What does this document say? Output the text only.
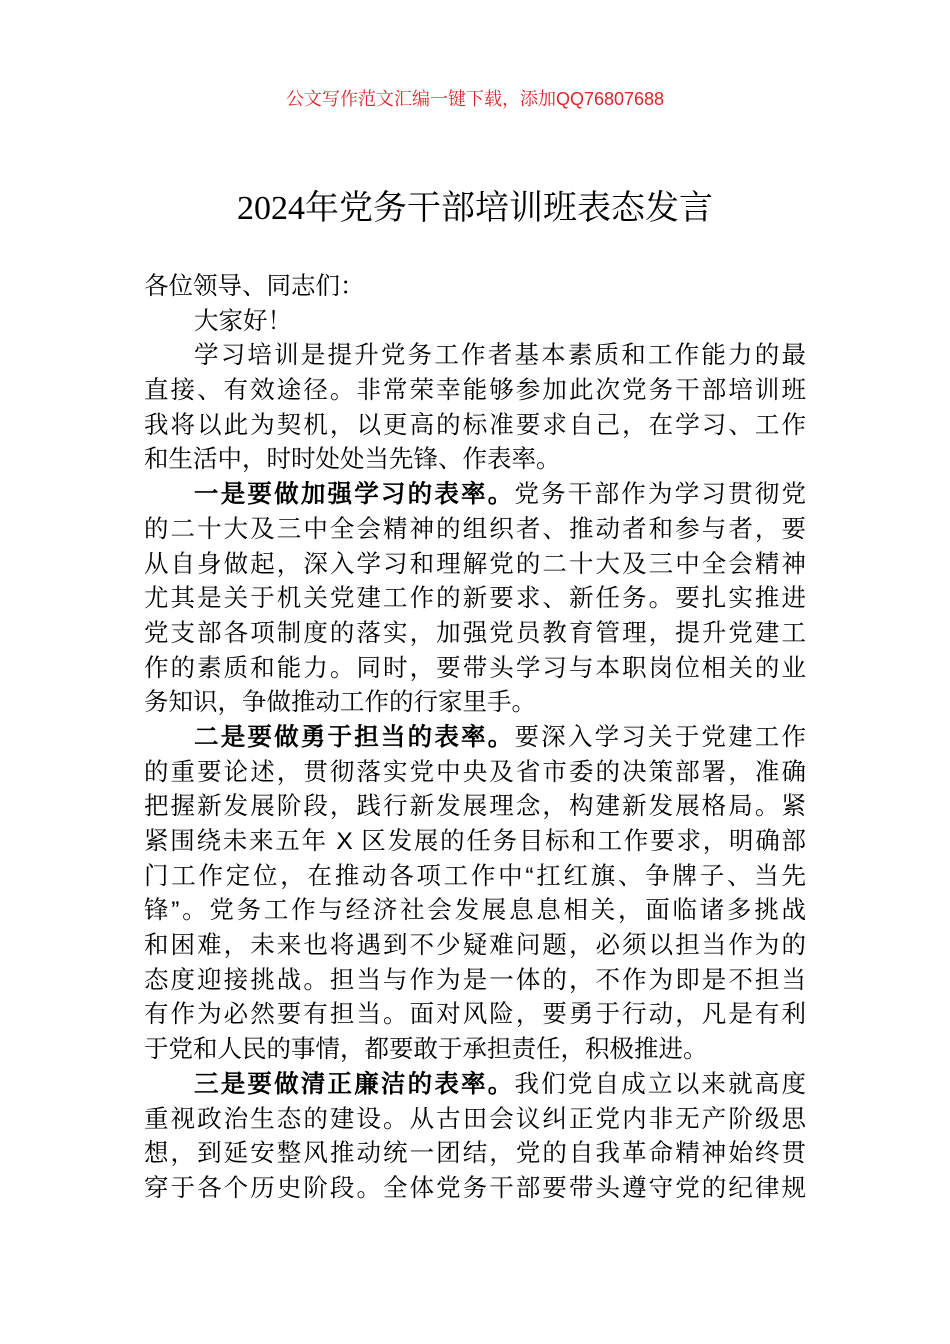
公文写作范文汇编一键下载，添加QQ76807688
2024年党务干部培训班表态发言
各位领导、同志们：
大家好！
学习培训是提升党务工作者基本素质和工作能力的最
直接、有效途径。非常荣幸能够参加此次党务干部培训班
我将以此为契机，以更高的标准要求自己，在学习、工作
和生活中，时时处处当先锋、作表率。
一是要做加强学习的表率。党务干部作为学习贯彻党
的二十大及三中全会精神的组织者、推动者和参与者，要
从自身做起，深入学习和理解党的二十大及三中全会精神
尤其是关于机关党建工作的新要求、新任务。要扎实推进
党支部各项制度的落实，加强党员教育管理，提升党建工
作的素质和能力。同时，要带头学习与本职岗位相关的业
务知识，争做推动工作的行家里手。
二是要做勇于担当的表率。要深入学习关于党建工作
的重要论述，贯彻落实党中央及省市委的决策部署，准确
把握新发展阶段，践行新发展理念，构建新发展格局。紧
紧围绕未来五年 X 区发展的任务目标和工作要求，明确部
门工作定位，在推动各项工作中“扛红旗、争牌子、当先
锋”。党务工作与经济社会发展息息相关，面临诸多挑战
和困难，未来也将遇到不少疑难问题，必须以担当作为的
态度迎接挑战。担当与作为是一体的，不作为即是不担当
有作为必然要有担当。面对风险，要勇于行动，凡是有利
于党和人民的事情，都要敢于承担责任，积极推进。
三是要做清正廉洁的表率。我们党自成立以来就高度
重视政治生态的建设。从古田会议纠正党内非无产阶级思
想，到延安整风推动统一团结，党的自我革命精神始终贯
穿于各个历史阶段。全体党务干部要带头遵守党的纪律规
